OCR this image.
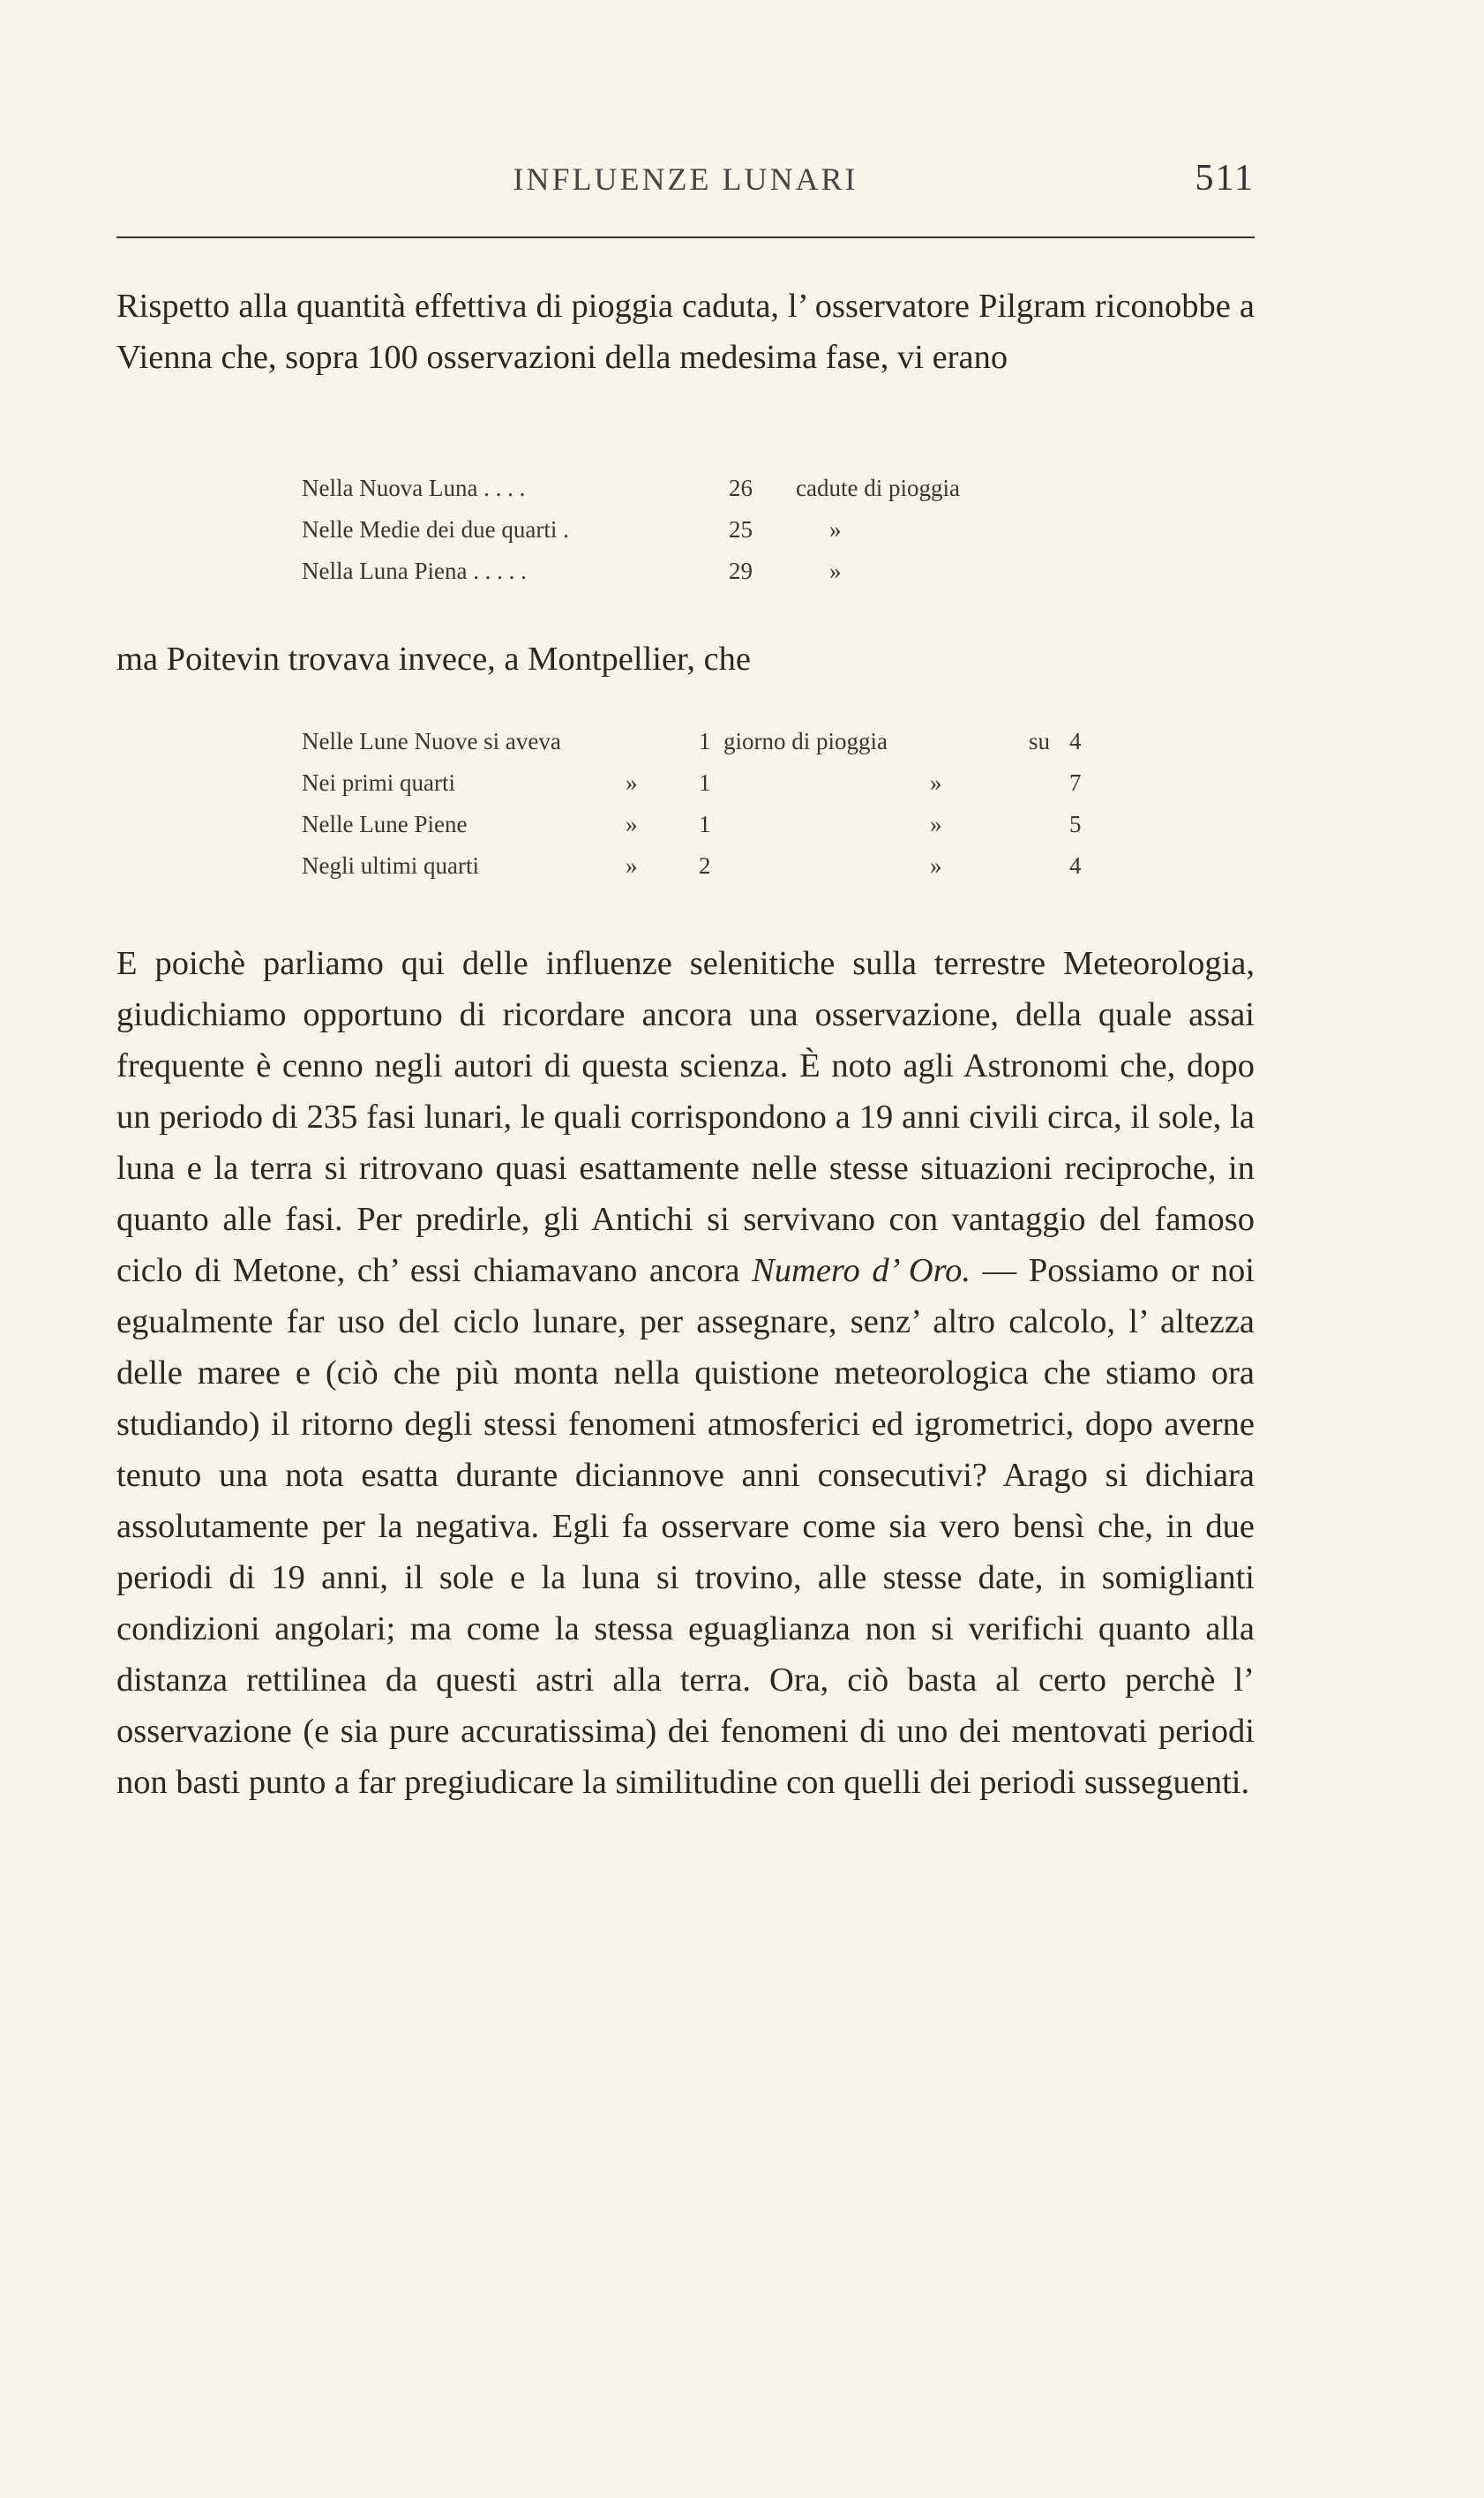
INFLUENZE LUNARI	511

Rispetto alla quantità effettiva di pioggia caduta, l’ osservatore Pilgram riconobbe a Vienna che, sopra 100 osservazioni della medesima fase, vi erano

Nella Nuova Luna . . . .	26 cadute di pioggia
Nelle Medie dei due quarti .	25	»
Nella Luna Piena . . . . .	29	»

ma Poitevin trovava invece, a Montpellier, che

Nelle Lune Nuove si aveva	1 giorno di pioggia	su 4
Nei primi quarti	»	1	»	7
Nelle Lune Piene	»	1	»	5
Negli ultimi quarti	»	2	»	4

E poichè parliamo qui delle influenze selenitiche sulla terrestre Meteorologia, giudichiamo opportuno di ricordare ancora una osservazione, della quale assai frequente è cenno negli autori di questa scienza. È noto agli Astronomi che, dopo un periodo di 235 fasi lunari, le quali corrispondono a 19 anni civili circa, il sole, la luna e la terra si ritrovano quasi esattamente nelle stesse situazioni reciproche, in quanto alle fasi. Per predirle, gli Antichi si servivano con vantaggio del famoso ciclo di Metone, ch’ essi chiamavano ancora Numero d’ Oro. — Possiamo or noi egualmente far uso del ciclo lunare, per assegnare, senz’ altro calcolo, l’ altezza delle maree e (ciò che più monta nella quistione meteorologica che stiamo ora studiando) il ritorno degli stessi fenomeni atmosferici ed igrometrici, dopo averne tenuto una nota esatta durante diciannove anni consecutivi? Arago si dichiara assolutamente per la negativa. Egli fa osservare come sia vero bensì che, in due periodi di 19 anni, il sole e la luna si trovino, alle stesse date, in somiglianti condizioni angolari; ma come la stessa eguaglianza non si verifichi quanto alla distanza rettilinea da questi astri alla terra. Ora, ciò basta al certo perchè l’ osservazione (e sia pure accuratissima) dei fenomeni di uno dei mentovati periodi non basti punto a far pregiudicare la similitudine con quelli dei periodi susseguenti.
